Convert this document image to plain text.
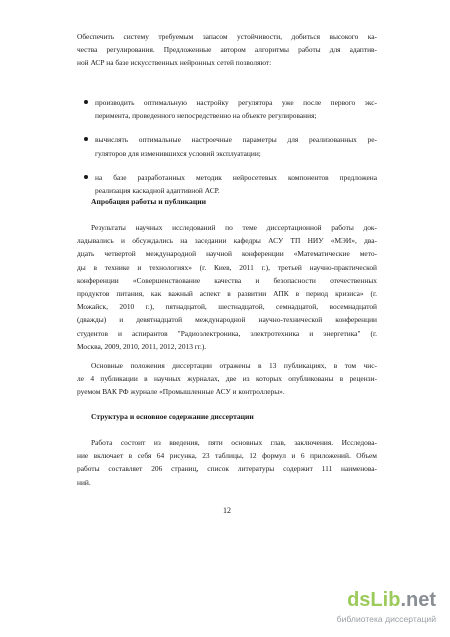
Обеспечить систему требуемым запасом устойчивости, добиться высокого ка-
чества регулирования. Предложенные автором алгоритмы работы для адаптив-
ной АСР на базе искусственных нейронных сетей позволяют:
производить оптимальную настройку регулятора уже после первого экс-
перимента, проведенного непосредственно на объекте регулирования;
вычислять оптимальные настроечные параметры для реализованных ре-
гуляторов для изменившихся условий эксплуатации;
на базе разработанных методик нейросетевых компонентов предложена
реализация каскадной адаптивной АСР.
Апробация работы и публикации
Результаты научных исследований по теме диссертационной работы док-
ладывались и обсуждались на заседании кафедры АСУ ТП НИУ «МЭИ», два-
дцать четвертой международной научной конференции «Математические мето-
ды в технике и технологиях» (г. Киев, 2011 г.), третьей научно-практической
конференции «Совершенствование качества и безопасности отечественных
продуктов питания, как важный аспект в развитии АПК в период кризиса» (г.
Можайск, 2010 г.), пятнадцатой, шестнадцатой, семнадцатой, восемнадцатой
(дважды) и девятнадцатой международной научно-технической конференции
студентов и аспирантов "Радиоэлектроника, электротехника и энергетика" (г.
Москва, 2009, 2010, 2011, 2012, 2013 гг.).
Основные положения диссертации отражены в 13 публикациях, в том чис-
ле 4 публикации в научных журналах, две из которых опубликованы в рецензи-
руемом ВАК РФ журнале «Промышленные АСУ и контроллеры».
Структура и основное содержание диссертации
Работа состоит из введения, пяти основных глав, заключения. Исследова-
ние включает в себя 64 рисунка, 23 таблицы, 12 формул и 6 приложений. Объем
работы составляет 206 страниц, список литературы содержит 111 наименова-
ний.
12
dsLib.net
библиотека диссертаций
